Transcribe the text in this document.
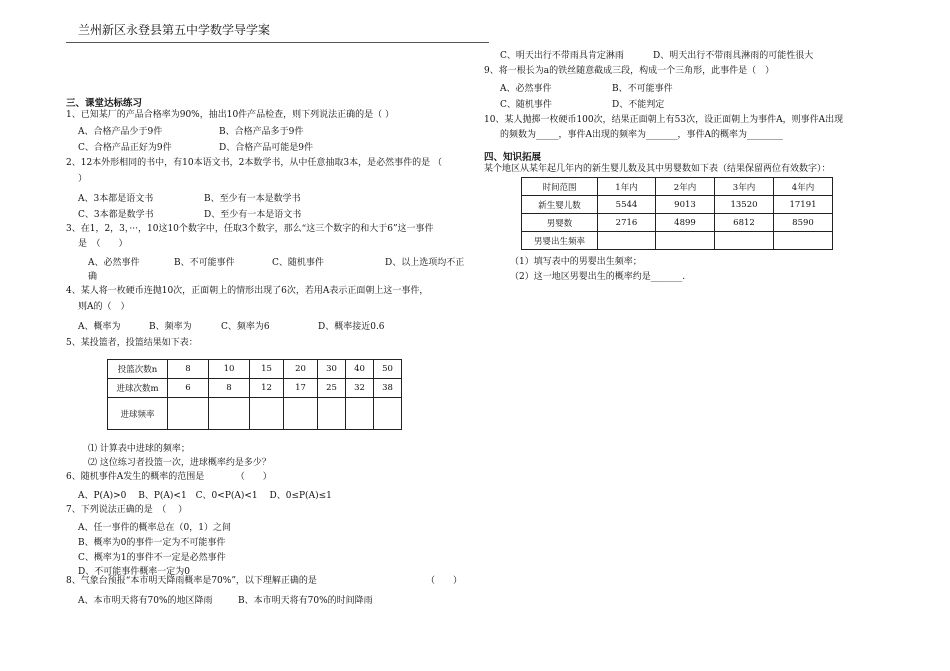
兰州新区永登县第五中学数学导学案
三、课堂达标练习
1、已知某厂的产品合格率为90%，抽出10件产品检查，则下列说法正确的是（ ）
A、合格产品少于9件	B、合格产品多于9件
C、合格产品正好为9件	D、合格产品可能是9件
2、12本外形相同的书中，有10本语文书，2本数学书，从中任意抽取3本，是必然事件的是 （
）
A、3本都是语文书	B、至少有一本是数学书
C、3本都是数学书	D、至少有一本是语文书
3、在1，2，3，···，10这10个数字中，任取3个数字，那么“这三个数字的和大于6”这一事件
是　（　　）
A、必然事件	B、不可能事件	C、随机事件	D、以上选项均不正
确
4、某人将一枚硬币连抛10次，正面朝上的情形出现了6次，若用A表示正面朝上这一事件，
则A的（　）
A、概率为	B、频率为	C、频率为6	D、概率接近0.6
5、某投篮者，投篮结果如下表：
投篮次数n	8	10	15	20	30	40	50
进球次数m	6	8	12	17	25	32	38
进球频率							
⑴ 计算表中进球的频率；
⑵ 这位练习者投篮一次，进球概率约是多少？
6、随机事件A发生的概率的范围是　　　　（　　）
A、P(A)>0　 B、P(A)<1　C、0<P(A)<1　 D、0≤P(A)≤1
7、下列说法正确的是　（　 ）
A、任一事件的概率总在（0，1）之间
B、概率为0的事件一定为不可能事件
C、概率为1的事件不一定是必然事件
D、不可能事件概率一定为0
8、气象台预报“本市明天降雨概率是70%”，以下理解正确的是	（　　）
A、本市明天将有70%的地区降雨	B、本市明天将有70%的时间降雨
C、明天出行不带雨具肯定淋雨	D、明天出行不带雨具淋雨的可能性很大
9、将一根长为a的铁丝随意截成三段，构成一个三角形，此事件是（　）
A、必然事件	B、不可能事件
C、随机事件	D、不能判定
10、某人抛掷一枚硬币100次，结果正面朝上有53次，设正面朝上为事件A，则事件A出现
的频数为_____，事件A出现的频率为_______，事件A的概率为________
四、知识拓展
某个地区从某年起几年内的新生婴儿数及其中男婴数如下表（结果保留两位有效数字）：
时间范围	1年内	2年内	3年内	4年内
新生婴儿数	5544	9013	13520	17191
男婴数	2716	4899	6812	8590
男婴出生频率				
（1）填写表中的男婴出生频率；
（2）这一地区男婴出生的概率约是_______.
